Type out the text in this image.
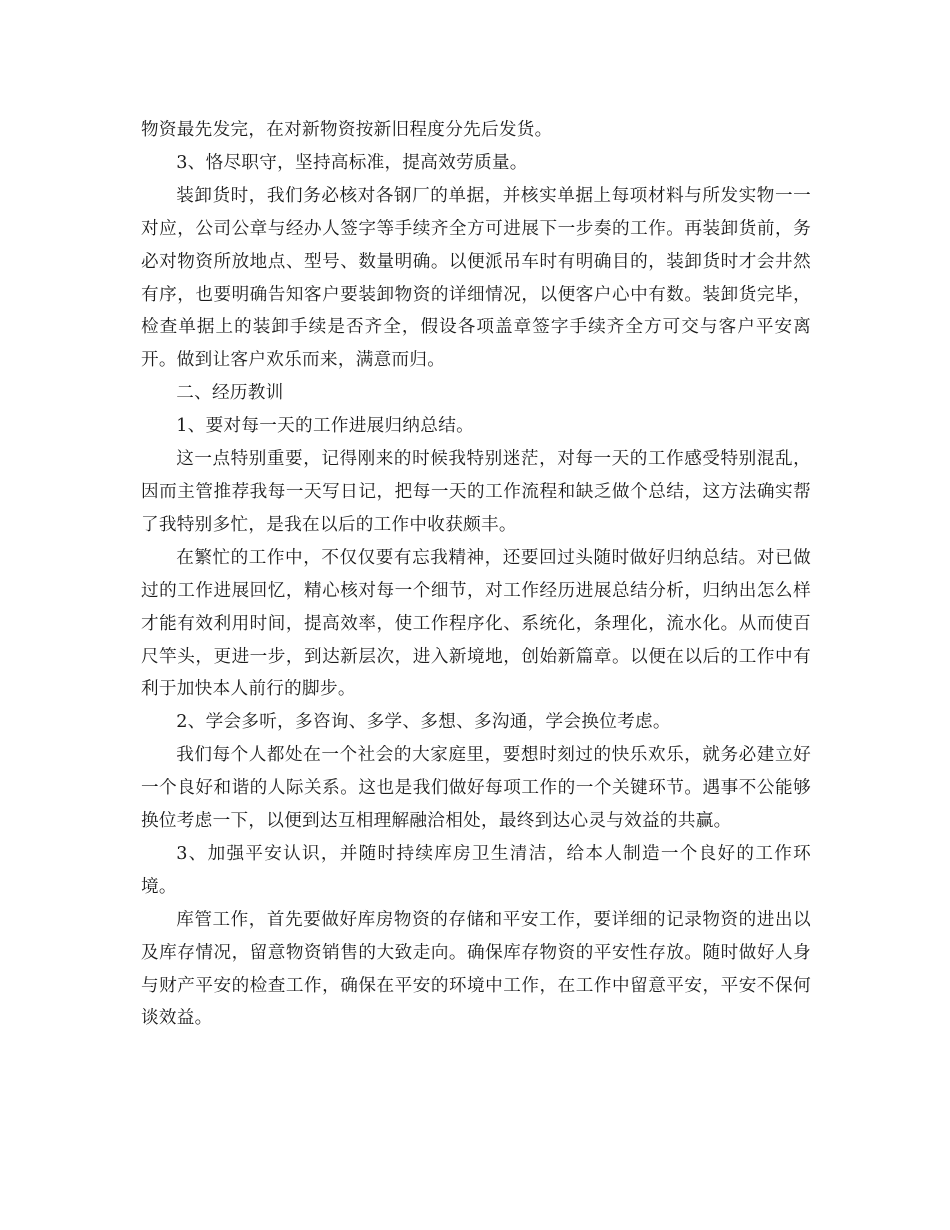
物资最先发完，在对新物资按新旧程度分先后发货。

3、恪尽职守，坚持高标准，提高效劳质量。

装卸货时，我们务必核对各钢厂的单据，并核实单据上每项材料与所发实物一一对应，公司公章与经办人签字等手续齐全方可进展下一步奏的工作。再装卸货前，务必对物资所放地点、型号、数量明确。以便派吊车时有明确目的，装卸货时才会井然有序，也要明确告知客户要装卸物资的详细情况，以便客户心中有数。装卸货完毕，检查单据上的装卸手续是否齐全，假设各项盖章签字手续齐全方可交与客户平安离开。做到让客户欢乐而来，满意而归。

二、经历教训

1、要对每一天的工作进展归纳总结。

这一点特别重要，记得刚来的时候我特别迷茫，对每一天的工作感受特别混乱，因而主管推荐我每一天写日记，把每一天的工作流程和缺乏做个总结，这方法确实帮了我特别多忙，是我在以后的工作中收获颇丰。

在繁忙的工作中，不仅仅要有忘我精神，还要回过头随时做好归纳总结。对已做过的工作进展回忆，精心核对每一个细节，对工作经历进展总结分析，归纳出怎么样才能有效利用时间，提高效率，使工作程序化、系统化，条理化，流水化。从而使百尺竿头，更进一步，到达新层次，进入新境地，创始新篇章。以便在以后的工作中有利于加快本人前行的脚步。

2、学会多听，多咨询、多学、多想、多沟通，学会换位考虑。

我们每个人都处在一个社会的大家庭里，要想时刻过的快乐欢乐，就务必建立好一个良好和谐的人际关系。这也是我们做好每项工作的一个关键环节。遇事不公能够换位考虑一下，以便到达互相理解融洽相处，最终到达心灵与效益的共赢。

3、加强平安认识，并随时持续库房卫生清洁，给本人制造一个良好的工作环境。

库管工作，首先要做好库房物资的存储和平安工作，要详细的记录物资的进出以及库存情况，留意物资销售的大致走向。确保库存物资的平安性存放。随时做好人身与财产平安的检查工作，确保在平安的环境中工作，在工作中留意平安，平安不保何谈效益。
